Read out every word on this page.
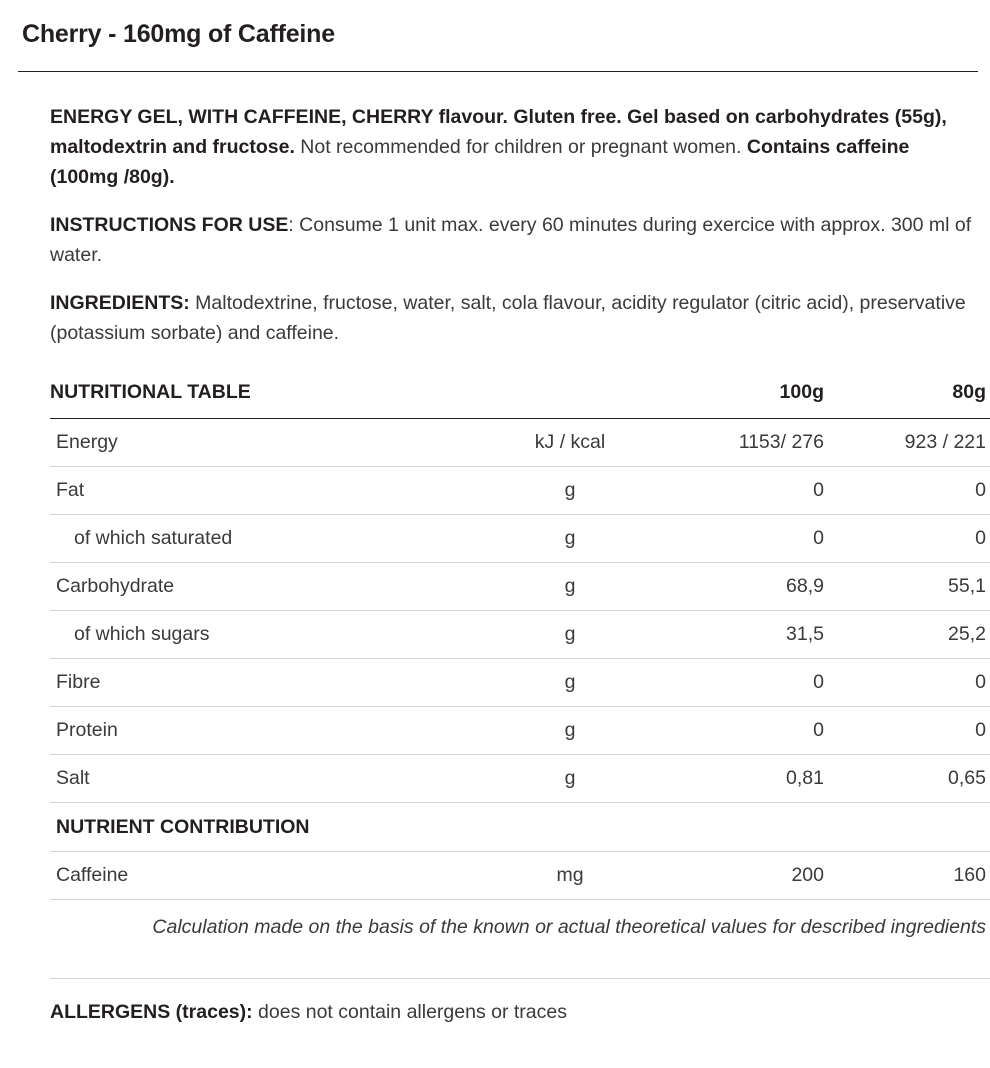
Cherry - 160mg of Caffeine

ENERGY GEL, WITH CAFFEINE, CHERRY flavour. Gluten free. Gel based on carbohydrates (55g), maltodextrin and fructose. Not recommended for children or pregnant women. Contains caffeine (100mg /80g).

INSTRUCTIONS FOR USE: Consume 1 unit max. every 60 minutes during exercice with approx. 300 ml of water.

INGREDIENTS: Maltodextrine, fructose, water, salt, cola flavour, acidity regulator (citric acid), preservative (potassium sorbate) and caffeine.

NUTRITIONAL TABLE		100g	80g
Energy	kJ / kcal	1153/ 276	923 / 221
Fat	g	0	0
of which saturated	g	0	0
Carbohydrate	g	68,9	55,1
of which sugars	g	31,5	25,2
Fibre	g	0	0
Protein	g	0	0
Salt	g	0,81	0,65
NUTRIENT CONTRIBUTION			
Caffeine	mg	200	160

Calculation made on the basis of the known or actual theoretical values for described ingredients			
ALLERGENS (traces): does not contain allergens or traces
